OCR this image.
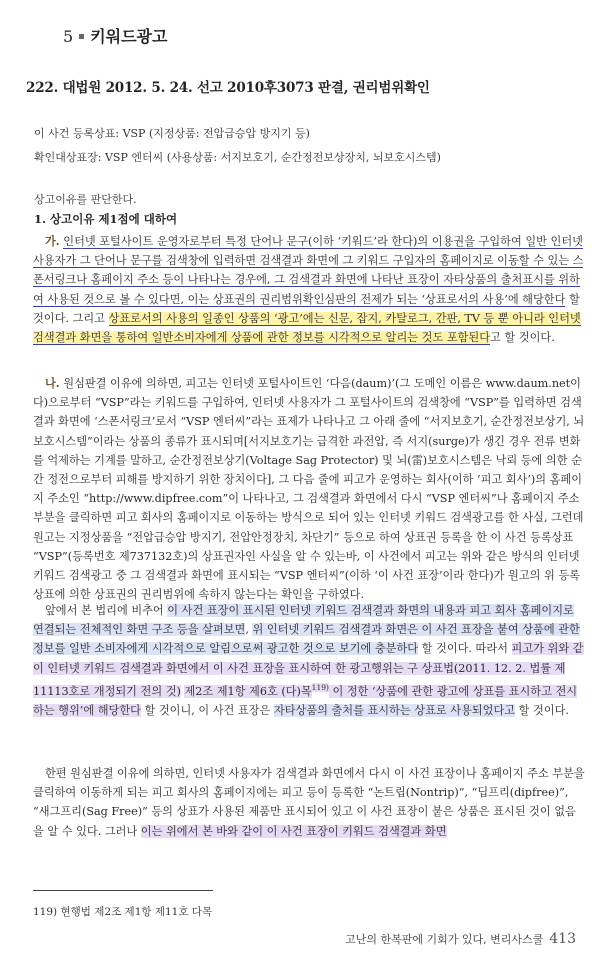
5 키워드광고
222. 대법원 2012. 5. 24. 선고 2010후3073 판결, 권리범위확인
이 사건 등록상표: VSP (지정상품: 전압급승압 방지기 등)
확인대상표장: VSP 엔터씨 (사용상품: 서지보호기, 순간정전보상장치, 뇌보호시스템)
상고이유를 판단한다.
1. 상고이유 제1점에 대하여
가. 인터넷 포털사이트 운영자로부터 특정 단어나 문구(이하 ‘키워드’라 한다)의 이용권을 구입하여 일반 인터넷 사용자가 그 단어나 문구를 검색창에 입력하면 검색결과 화면에 그 키워드 구입자의 홈페이지로 이동할 수 있는 스폰서링크나 홈페이지 주소 등이 나타나는 경우에, 그 검색결과 화면에 나타난 표장이 자타상품의 출처표시를 위하여 사용된 것으로 볼 수 있다면, 이는 상표권의 권리범위확인심판의 전제가 되는 ‘상표로서의 사용’에 해당한다 할 것이다. 그리고 상표로서의 사용의 일종인 상품의 ‘광고’에는 신문, 잡지, 카탈로그, 간판, TV 등 뿐 아니라 인터넷 검색결과 화면을 통하여 일반소비자에게 상품에 관한 정보를 시각적으로 알리는 것도 포함된다고 할 것이다.
나. 원심판결 이유에 의하면, 피고는 인터넷 포털사이트인 ‘다음(daum)’(그 도메인 이름은 www.daum.net이다)으로부터 “VSP”라는 키워드를 구입하여, 인터넷 사용자가 그 포털사이트의 검색창에 “VSP”를 입력하면 검색결과 화면에 ‘스폰서링크’로서 “VSP 엔터씨”라는 표제가 나타나고 그 아래 줄에 “서지보호기, 순간정전보상기, 뇌보호시스템”이라는 상품의 종류가 표시되며[서지보호기는 급격한 과전압, 즉 서지(surge)가 생긴 경우 전류 변화를 억제하는 기계를 말하고, 순간정전보상기(Voltage Sag Protector) 및 뇌(雷)보호시스템은 낙뢰 등에 의한 순간 정전으로부터 피해를 방지하기 위한 장치이다], 그 다음 줄에 피고가 운영하는 회사(이하 ‘피고 회사’)의 홈페이지 주소인 “http://www.dipfree.com”이 나타나고, 그 검색결과 화면에서 다시 “VSP 엔터씨”나 홈페이지 주소 부분을 클릭하면 피고 회사의 홈페이지로 이동하는 방식으로 되어 있는 인터넷 키워드 검색광고를 한 사실, 그런데 원고는 지정상품을 “전압급승압 방지기, 전압안정장치, 차단기” 등으로 하여 상표권 등록을 한 이 사건 등록상표 “VSP”(등록번호 제737132호)의 상표권자인 사실을 알 수 있는바, 이 사건에서 피고는 위와 같은 방식의 인터넷 키워드 검색광고 중 그 검색결과 화면에 표시되는 “VSP 엔터씨”(이하 ‘이 사건 표장’이라 한다)가 원고의 위 등록상표에 의한 상표권의 권리범위에 속하지 않는다는 확인을 구하였다.
앞에서 본 법리에 비추어 이 사건 표장이 표시된 인터넷 키워드 검색결과 화면의 내용과 피고 회사 홈페이지로 연결되는 전체적인 화면 구조 등을 살펴보면, 위 인터넷 키워드 검색결과 화면은 이 사건 표장을 붙여 상품에 관한 정보를 일반 소비자에게 시각적으로 알림으로써 광고한 것으로 보기에 충분하다 할 것이다. 따라서 피고가 위와 같이 인터넷 키워드 검색결과 화면에서 이 사건 표장을 표시하여 한 광고행위는 구 상표법(2011. 12. 2. 법률 제11113호로 개정되기 전의 것) 제2조 제1항 제6호 (다)목$^{119)}$ 이 정한 ‘상품에 관한 광고에 상표를 표시하고 전시하는 행위’에 해당한다 할 것이니, 이 사건 표장은 자타상품의 출처를 표시하는 상표로 사용되었다고 할 것이다.
한편 원심판결 이유에 의하면, 인터넷 사용자가 검색결과 화면에서 다시 이 사건 표장이나 홈페이지 주소 부분을 클릭하여 이동하게 되는 피고 회사의 홈페이지에는 피고 등이 등록한 “논트립(Nontrip)”, “딥프리(dipfree)”, “새그프리(Sag Free)” 등의 상표가 사용된 제품만 표시되어 있고 이 사건 표장이 붙은 상품은 표시된 것이 없음을 알 수 있다. 그러나 이는 위에서 본 바와 같이 이 사건 표장이 키워드 검색결과 화면
119) 현행법 제2조 제1항 제11호 다목
고난의 한복판에 기회가 있다, 변리사스쿨 413
